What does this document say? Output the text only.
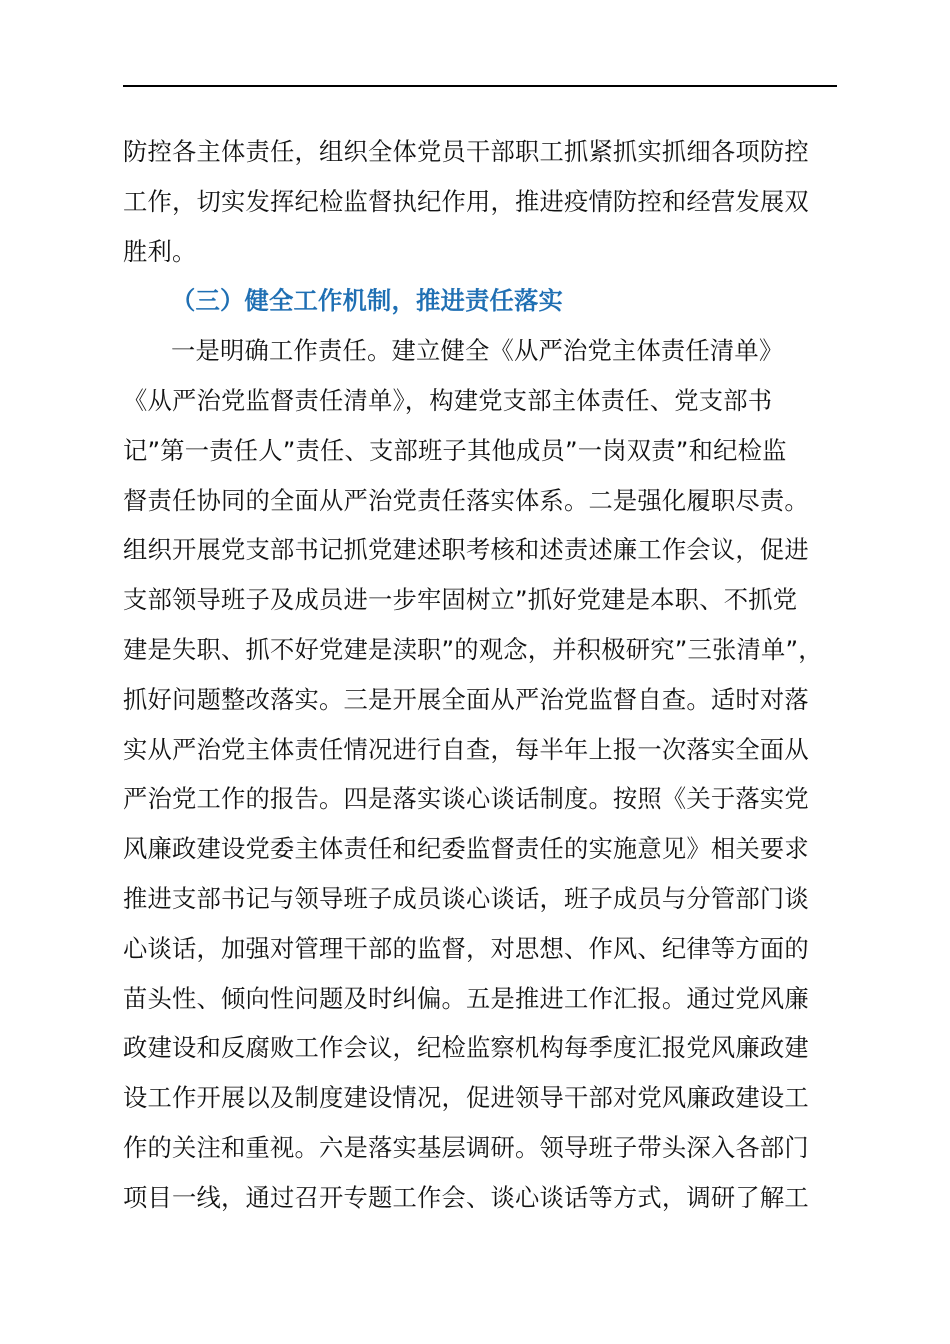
防控各主体责任，组织全体党员干部职工抓紧抓实抓细各项防控
工作，切实发挥纪检监督执纪作用，推进疫情防控和经营发展双
胜利。

（三）健全工作机制，推进责任落实

一是明确工作责任。建立健全《从严治党主体责任清单》
《从严治党监督责任清单》，构建党支部主体责任、党支部书
记”第一责任人”责任、支部班子其他成员”一岗双责”和纪检监
督责任协同的全面从严治党责任落实体系。二是强化履职尽责。
组织开展党支部书记抓党建述职考核和述责述廉工作会议，促进
支部领导班子及成员进一步牢固树立”抓好党建是本职、不抓党
建是失职、抓不好党建是渎职”的观念，并积极研究”三张清单”，
抓好问题整改落实。三是开展全面从严治党监督自查。适时对落
实从严治党主体责任情况进行自查，每半年上报一次落实全面从
严治党工作的报告。四是落实谈心谈话制度。按照《关于落实党
风廉政建设党委主体责任和纪委监督责任的实施意见》相关要求
推进支部书记与领导班子成员谈心谈话，班子成员与分管部门谈
心谈话，加强对管理干部的监督，对思想、作风、纪律等方面的
苗头性、倾向性问题及时纠偏。五是推进工作汇报。通过党风廉
政建设和反腐败工作会议，纪检监察机构每季度汇报党风廉政建
设工作开展以及制度建设情况，促进领导干部对党风廉政建设工
作的关注和重视。六是落实基层调研。领导班子带头深入各部门
项目一线，通过召开专题工作会、谈心谈话等方式，调研了解工
